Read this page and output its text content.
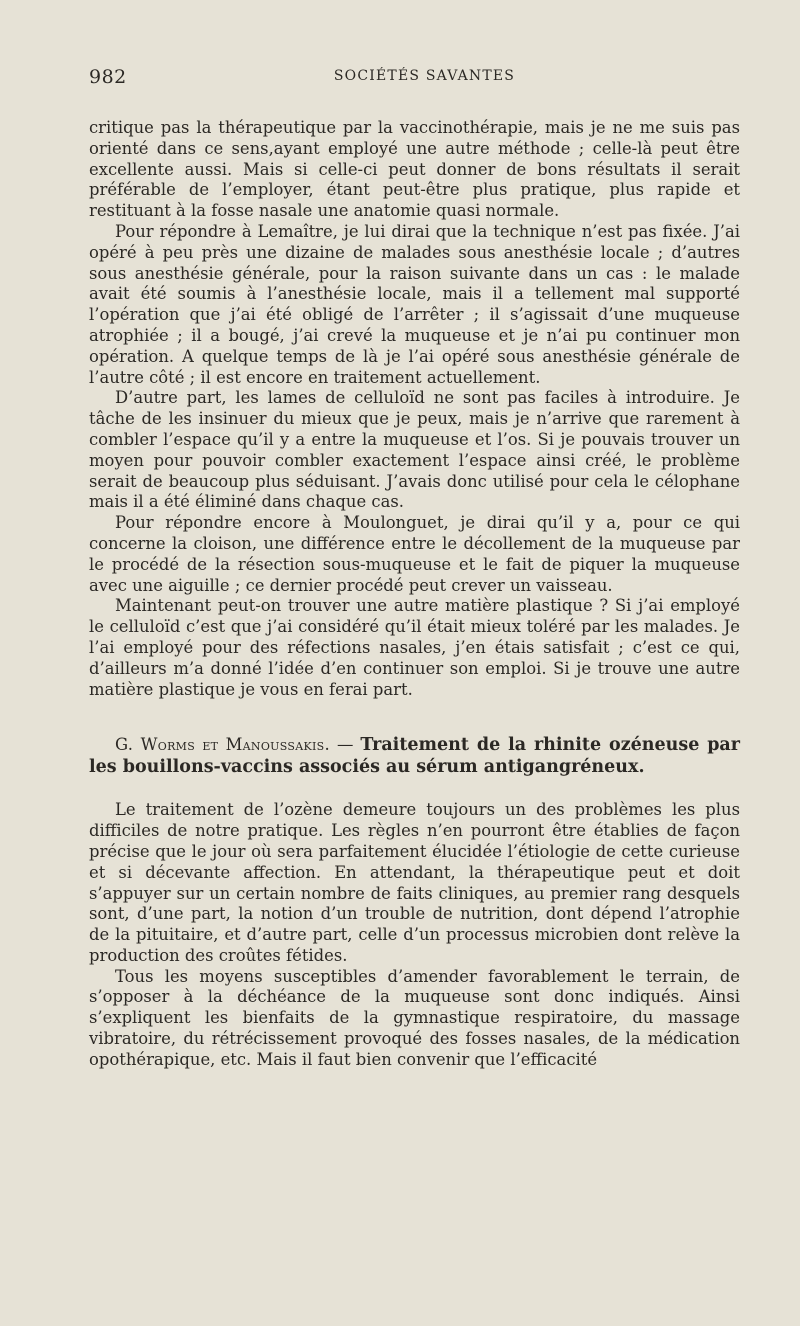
982	SOCIÉTÉS SAVANTES

critique pas la thérapeutique par la vaccinothérapie, mais je ne me suis pas orienté dans ce sens,ayant employé une autre méthode ; celle-là peut être excellente aussi. Mais si celle-ci peut donner de bons résultats il serait préférable de l’employer, étant peut-être plus pratique, plus rapide et restituant à la fosse nasale une anatomie quasi normale.

Pour répondre à Lemaître, je lui dirai que la technique n’est pas fixée. J’ai opéré à peu près une dizaine de malades sous anesthésie locale ; d’autres sous anesthésie générale, pour la raison suivante dans un cas : le malade avait été soumis à l’anesthésie locale, mais il a tellement mal supporté l’opération que j’ai été obligé de l’arrêter ; il s’agissait d’une muqueuse atrophiée ; il a bougé, j’ai crevé la muqueuse et je n’ai pu continuer mon opération. A quelque temps de là je l’ai opéré sous anesthésie générale de l’autre côté ; il est encore en traitement actuellement.

D’autre part, les lames de celluloïd ne sont pas faciles à introduire. Je tâche de les insinuer du mieux que je peux, mais je n’arrive que rarement à combler l’espace qu’il y a entre la muqueuse et l’os. Si je pouvais trouver un moyen pour pouvoir combler exactement l’espace ainsi créé, le problème serait de beaucoup plus séduisant. J’avais donc utilisé pour cela le célophane mais il a été éliminé dans chaque cas.

Pour répondre encore à Moulonguet, je dirai qu’il y a, pour ce qui concerne la cloison, une différence entre le décollement de la muqueuse par le procédé de la résection sous-muqueuse et le fait de piquer la muqueuse avec une aiguille ; ce dernier procédé peut crever un vaisseau.

Maintenant peut-on trouver une autre matière plastique ? Si j’ai employé le celluloïd c’est que j’ai considéré qu’il était mieux toléré par les malades. Je l’ai employé pour des réfections nasales, j’en étais satisfait ; c’est ce qui, d’ailleurs m’a donné l’idée d’en continuer son emploi. Si je trouve une autre matière plastique je vous en ferai part.

G. Worms et Manoussakis. — Traitement de la rhinite ozéneuse par les bouillons-vaccins associés au sérum antigangréneux.

Le traitement de l’ozène demeure toujours un des problèmes les plus difficiles de notre pratique. Les règles n’en pourront être établies de façon précise que le jour où sera parfaitement élucidée l’étiologie de cette curieuse et si décevante affection. En attendant, la thérapeutique peut et doit s’appuyer sur un certain nombre de faits cliniques, au premier rang desquels sont, d’une part, la notion d’un trouble de nutrition, dont dépend l’atrophie de la pituitaire, et d’autre part, celle d’un processus microbien dont relève la production des croûtes fétides.

Tous les moyens susceptibles d’amender favorablement le terrain, de s’opposer à la déchéance de la muqueuse sont donc indiqués. Ainsi s’expliquent les bienfaits de la gymnastique respiratoire, du massage vibratoire, du rétrécissement provoqué des fosses nasales, de la médication opothérapique, etc. Mais il faut bien convenir que l’efficacité
